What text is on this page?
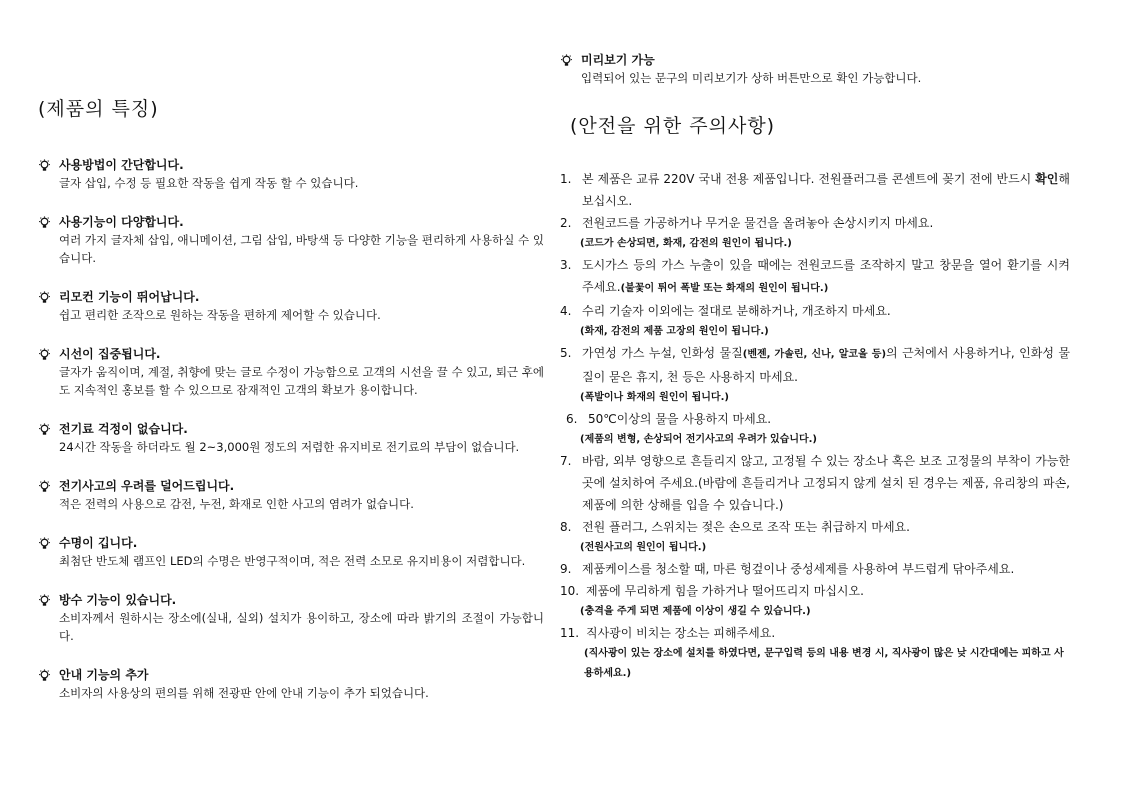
(제품의 특징)
사용방법이 간단합니다.
글자 삽입, 수정 등 필요한 작동을 쉽게 작동 할 수 있습니다.
사용기능이 다양합니다.
여러 가지 글자체 삽입, 애니메이션, 그림 삽입, 바탕색 등 다양한 기능을 편리하게 사용하실 수 있습니다.
리모컨 기능이 뛰어납니다.
쉽고 편리한 조작으로 원하는 작동을 편하게 제어할 수 있습니다.
시선이 집중됩니다.
글자가 움직이며, 계절, 취향에 맞는 글로 수정이 가능함으로 고객의 시선을 끌 수 있고, 퇴근 후에도 지속적인 홍보를 할 수 있으므로 잠재적인 고객의 확보가 용이합니다.
전기료 걱정이 없습니다.
24시간 작동을 하더라도 월 2~3,000원 정도의 저렴한 유지비로 전기료의 부담이 없습니다.
전기사고의 우려를 덜어드립니다.
적은 전력의 사용으로 감전, 누전, 화재로 인한 사고의 염려가 없습니다.
수명이 깁니다.
최첨단 반도체 램프인 LED의 수명은 반영구적이며, 적은 전력 소모로 유지비용이 저렴합니다.
방수 기능이 있습니다.
소비자께서 원하시는 장소에(실내, 실외) 설치가 용이하고, 장소에 따라 밝기의 조절이 가능합니다.
안내 기능의 추가
소비자의 사용상의 편의를 위해 전광판 안에 안내 기능이 추가 되었습니다.
미리보기 가능
입력되어 있는 문구의 미리보기가 상하 버튼만으로 확인 가능합니다.
(안전을 위한 주의사항)
1. 본 제품은 교류 220V 국내 전용 제품입니다. 전원플러그를 콘센트에 꽂기 전에 반드시 확인해 보십시오.
2. 전원코드를 가공하거나 무거운 물건을 올려놓아 손상시키지 마세요.
(코드가 손상되면, 화재, 감전의 원인이 됩니다.)
3. 도시가스 등의 가스 누출이 있을 때에는 전원코드를 조작하지 말고 창문을 열어 환기를 시켜 주세요.(불꽃이 튀어 폭발 또는 화재의 원인이 됩니다.)
4. 수리 기술자 이외에는 절대로 분해하거나, 개조하지 마세요.
(화재, 감전의 제품 고장의 원인이 됩니다.)
5. 가연성 가스 누설, 인화성 물질(벤젠, 가솔린, 신나, 알코올 등)의 근처에서 사용하거나, 인화성 물질이 묻은 휴지, 천 등은 사용하지 마세요.
(폭발이나 화재의 원인이 됩니다.)
6. 50℃이상의 물을 사용하지 마세요.
(제품의 변형, 손상되어 전기사고의 우려가 있습니다.)
7. 바람, 외부 영향으로 흔들리지 않고, 고정될 수 있는 장소나 혹은 보조 고정물의 부착이 가능한 곳에 설치하여 주세요.(바람에 흔들리거나 고정되지 않게 설치 된 경우는 제품, 유리창의 파손, 제품에 의한 상해를 입을 수 있습니다.)
8. 전원 플러그, 스위치는 젖은 손으로 조작 또는 취급하지 마세요.
(전원사고의 원인이 됩니다.)
9. 제품케이스를 청소할 때, 마른 헝겊이나 중성세제를 사용하여 부드럽게 닦아주세요.
10. 제품에 무리하게 힘을 가하거나 떨어뜨리지 마십시오.
(충격을 주게 되면 제품에 이상이 생길 수 있습니다.)
11. 직사광이 비치는 장소는 피해주세요.
(직사광이 있는 장소에 설치를 하였다면, 문구입력 등의 내용 변경 시, 직사광이 많은 낮 시간대에는 피하고 사용하세요.)
